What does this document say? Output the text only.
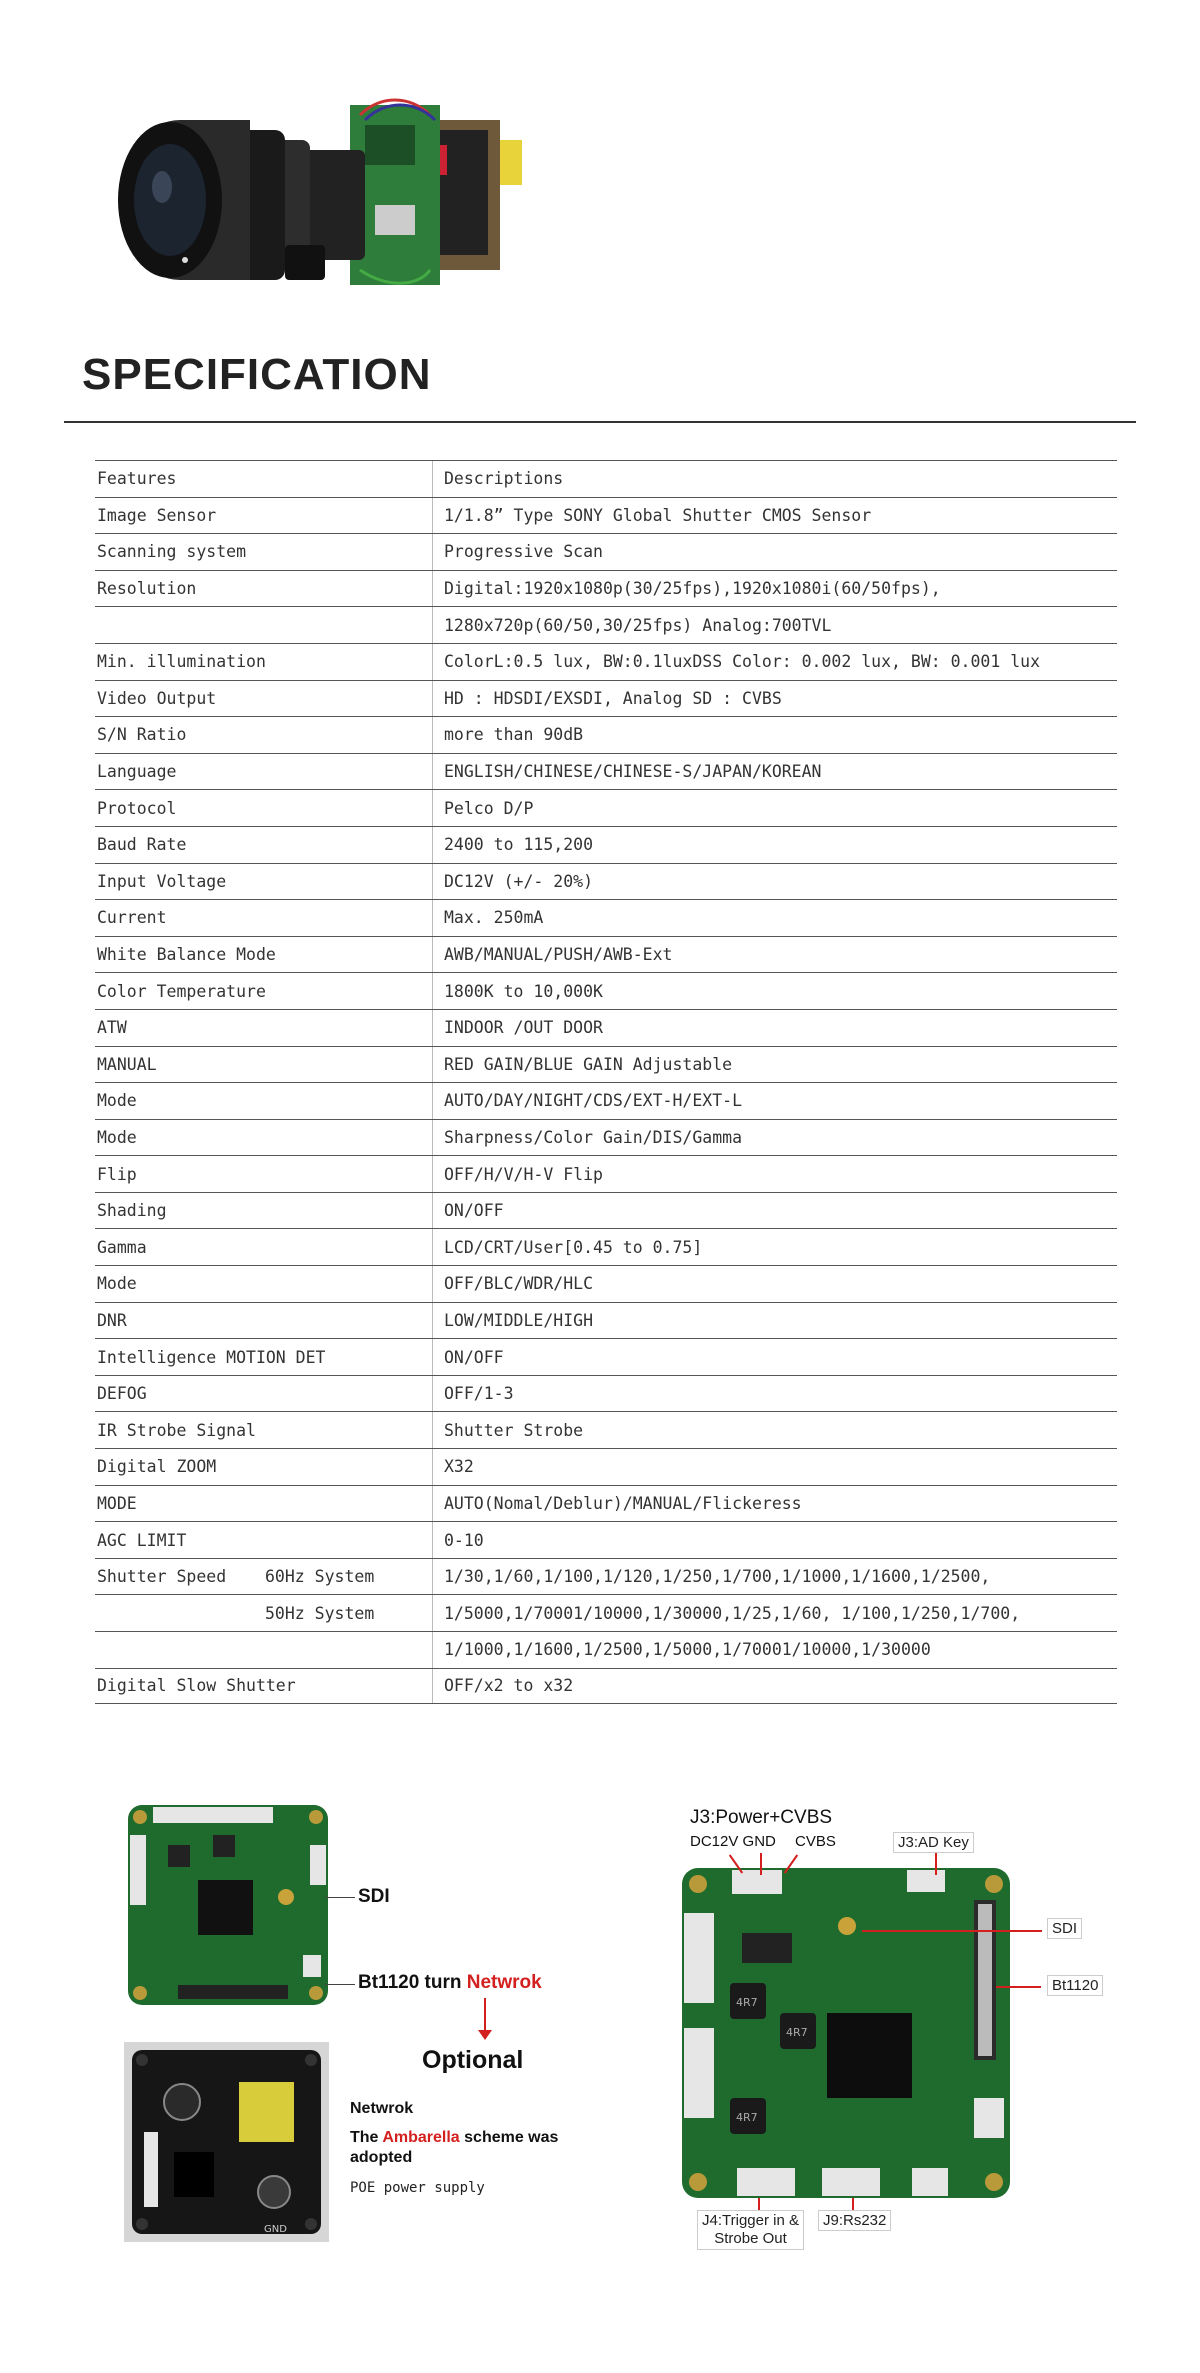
SPECIFICATION
Features	Descriptions
Image Sensor	1/1.8” Type SONY Global Shutter CMOS Sensor
Scanning system	Progressive Scan
Resolution	Digital:1920x1080p(30/25fps),1920x1080i(60/50fps),
1280x720p(60/50,30/25fps) Analog:700TVL
Min. illumination	ColorL:0.5 lux, BW:0.1luxDSS Color: 0.002 lux, BW: 0.001 lux
Video Output	HD : HDSDI/EXSDI, Analog SD : CVBS
S/N Ratio	more than 90dB
Language	ENGLISH/CHINESE/CHINESE-S/JAPAN/KOREAN
Protocol	Pelco D/P
Baud Rate	2400 to 115,200
Input Voltage	DC12V (+/- 20%)
Current	Max. 250mA
White Balance Mode	AWB/MANUAL/PUSH/AWB-Ext
Color Temperature	1800K to 10,000K
ATW	INDOOR /OUT DOOR
MANUAL	RED GAIN/BLUE GAIN Adjustable
Mode	AUTO/DAY/NIGHT/CDS/EXT-H/EXT-L
Mode	Sharpness/Color Gain/DIS/Gamma
Flip	OFF/H/V/H-V Flip
Shading	ON/OFF
Gamma	LCD/CRT/User[0.45 to 0.75]
Mode	OFF/BLC/WDR/HLC
DNR	LOW/MIDDLE/HIGH
Intelligence MOTION DET	ON/OFF
DEFOG	OFF/1-3
IR Strobe Signal	Shutter Strobe
Digital ZOOM	X32
MODE	AUTO(Nomal/Deblur)/MANUAL/Flickeress
AGC LIMIT	0-10
Shutter Speed 60Hz System	1/30,1/60,1/100,1/120,1/250,1/700,1/1000,1/1600,1/2500,
50Hz System	1/5000,1/70001/10000,1/30000,1/25,1/60, 1/100,1/250,1/700,
1/1000,1/1600,1/2500,1/5000,1/70001/10000,1/30000
Digital Slow Shutter	OFF/x2 to x32
SDI
Bt1120 turn Netwrok
Optional
GND
Netwrok
The Ambarella scheme was
adopted
POE power supply
4R7
4R7
4R7
J3:Power+CVBS
DC12V GND CVBS	J3:AD Key
SDI
Bt1120
J4:Trigger in &
Strobe Out
J9:Rs232
